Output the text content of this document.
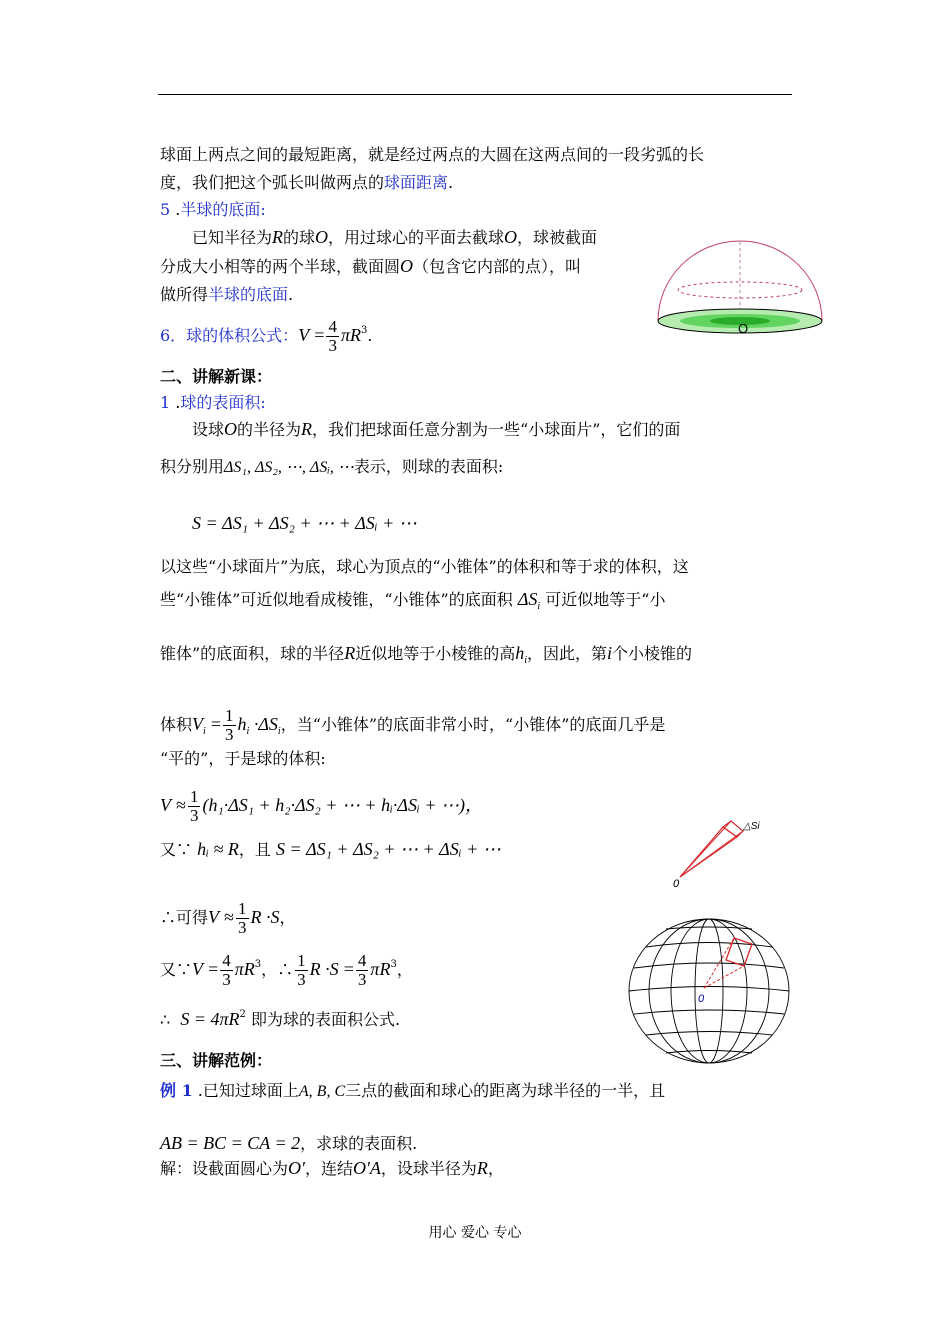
球面上两点之间的最短距离，就是经过两点的大圆在这两点间的一段劣弧的长
度，我们把这个弧长叫做两点的球面距离.
5 .半球的底面:
已知半径为R的球O，用过球心的平面去截球O，球被截面
分成大小相等的两个半球，截面圆O（包含它内部的点），叫
做所得半球的底面.
6．球的体积公式：$V = \frac{4}{3} \pi R^3$.
二、讲解新课：
1 .球的表面积:
设球O的半径为R，我们把球面任意分割为一些“小球面片”，它们的面
积分别用ΔS₁, ΔS₂, ⋯, ΔSᵢ, ⋯表示，则球的表面积:
S = ΔS₁ + ΔS₂ + ⋯ + ΔSᵢ + ⋯
以这些“小球面片”为底，球心为顶点的“小锥体”的体积和等于求的体积，这
些“小锥体”可近似地看成棱锥，“小锥体”的底面积 $\Delta S_i$ 可近似地等于“小
锥体”的底面积，球的半径R近似地等于小棱锥的高$h_i$，因此，第i个小棱锥的
体积$V_i = \frac{1}{3} h_i \cdot\Delta S_i$，当“小锥体”的底面非常小时，“小锥体”的底面几乎是
“平的”，于是球的体积:
$V \approx \frac{1}{3} (h_1\cdot\Delta S_1 + h_2\cdot\Delta S_2$ + ⋯ + hᵢ·ΔSᵢ + ⋯)，
又∵ hᵢ ≈ R，且 S = ΔS₁ + ΔS₂ + ⋯ + ΔSᵢ + ⋯
∴可得$V \approx \frac{1}{3}$ R ·S，
又∵V = $\frac{4}{3} \pi R^3$，∴ $\frac{1}{3}$ $R \cdot S = \frac{4}{3} \pi R^3$，
∴  $S = 4\pi R^2$ 即为球的表面积公式.
三、讲解范例：
例 1 .已知过球面上A, B, C三点的截面和球心的距离为球半径的一半，且
AB = BC = CA = 2，求球的表面积.
解：设截面圆心为O′，连结O′A，设球半径为R，
O
△Si
0
0
用心 爱心 专心
